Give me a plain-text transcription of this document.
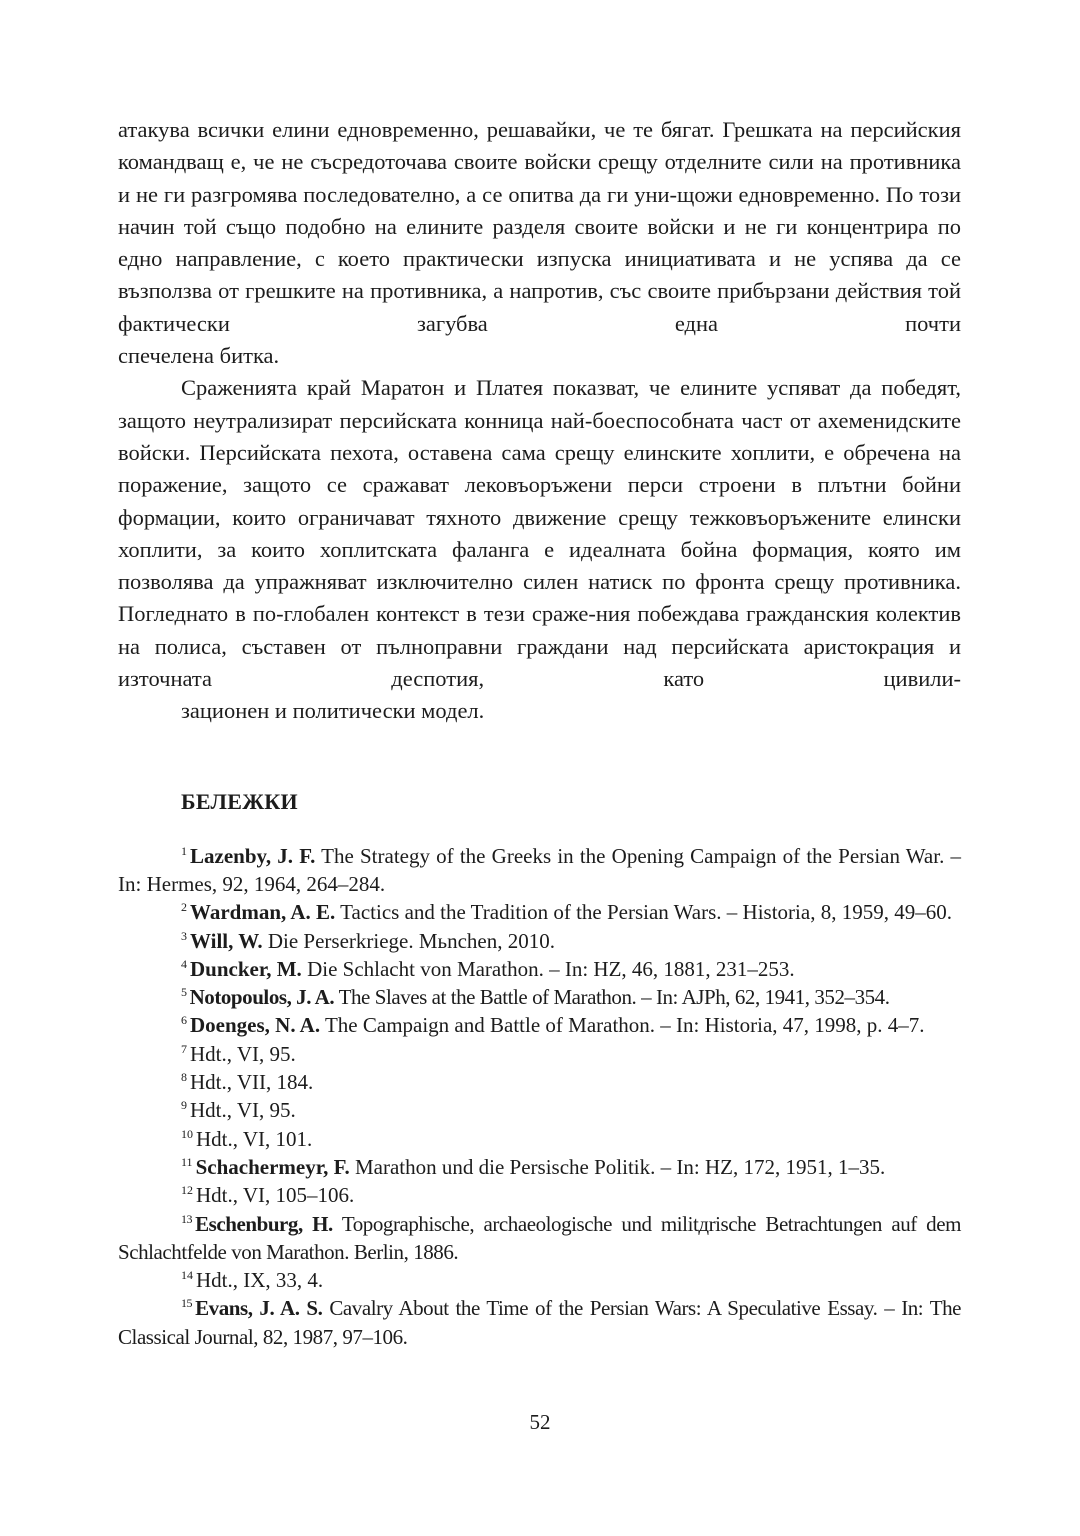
атакува всички елини едновременно, решавайки, че те бягат. Грешката на персийския командващ е, че не съсредоточава своите войски срещу отделните сили на противника и не ги разгромява последователно, а се опитва да ги уни-щожи едновременно. По този начин той също подобно на елините разделя своите войски и не ги концентрира по едно направление, с което практически изпуска инициативата и не успява да се възползва от грешките на противника, а напротив, със своите прибързани действия той фактически загубва една почти
спечелена битка.

Сраженията край Маратон и Платея показват, че елините успяват да победят, защото неутрализират персийската конница най-боеспособната част от ахеменидските войски. Персийската пехота, оставена сама срещу елинските хоплити, е обречена на поражение, защото се сражават лековъоръжени перси строени в плътни бойни формации, които ограничават тяхното движение срещу тежковъоръжените елински хоплити, за които хоплитската фаланга е идеалната бойна формация, която им позволява да упражняват изключително силен натиск по фронта срещу противника. Погледнато в по-глобален контекст в тези сраже-ния побеждава гражданския колектив на полиса, съставен от пълноправни граждани над персийската аристокрация и източната деспотия, като цивили-
зационен и политически модел.

БЕЛЕЖКИ

$^1$ Lazenby, J. F. The Strategy of the Greeks in the Opening Campaign of the Persian War. – In: Hermes, 92, 1964, 264–284.

$^2$ Wardman, A. E. Tactics and the Tradition of the Persian Wars. – Historia, 8, 1959, 49–60.

$^3$ Will, W. Die Perserkriege. Mьnchen, 2010.

$^4$ Duncker, M. Die Schlacht von Marathon. – In: HZ, 46, 1881, 231–253.

$^5$ Notopoulos, J. A. The Slaves at the Battle of Marathon. – In: AJPh, 62, 1941, 352–354.

$^6$ Doenges, N. A. The Campaign and Battle of Marathon. – In: Historia, 47, 1998, p. 4–7.

$^7$ Hdt., VI, 95.

$^8$ Hdt., VII, 184.

$^9$ Hdt., VI, 95.

$^{10}$ Hdt., VI, 101.

$^{11}$ Schachermeyr, F. Marathon und die Persische Politik. – In: HZ, 172, 1951, 1–35.

$^{12}$ Hdt., VI, 105–106.

$^{13}$ Eschenburg, H. Topographische, archaeologische und militдrische Betrachtungen auf dem Schlachtfelde von Marathon. Berlin, 1886.

$^{14}$ Hdt., IX, 33, 4.

$^{15}$ Evans, J. A. S. Cavalry About the Time of the Persian Wars: A Speculative Essay. – In: The Classical Journal, 82, 1987, 97–106.

52
